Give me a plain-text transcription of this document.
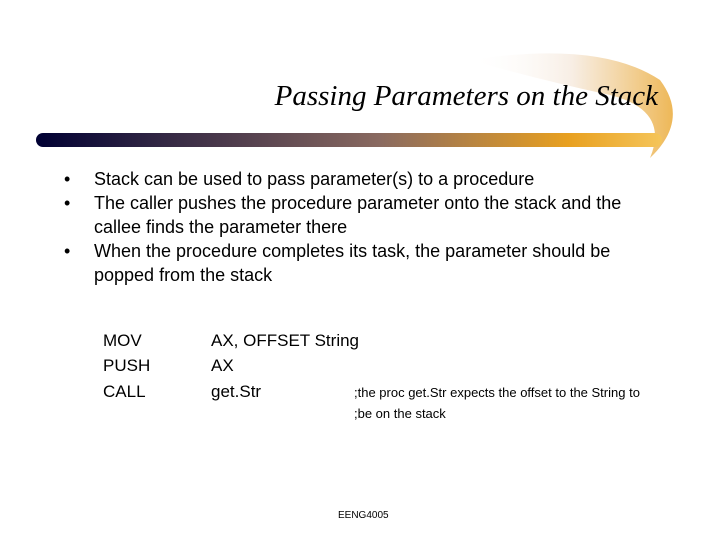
Passing Parameters on the Stack
• Stack can be used to pass parameter(s) to a procedure
• The caller pushes the procedure parameter onto the stack and the callee finds the parameter there
• When the procedure completes its task, the parameter should be popped from the stack
MOV	AX, OFFSET String
PUSH	AX
CALL	get.Str	;the proc get.Str expects the offset to the String to
;be on the stack
EENG4005
